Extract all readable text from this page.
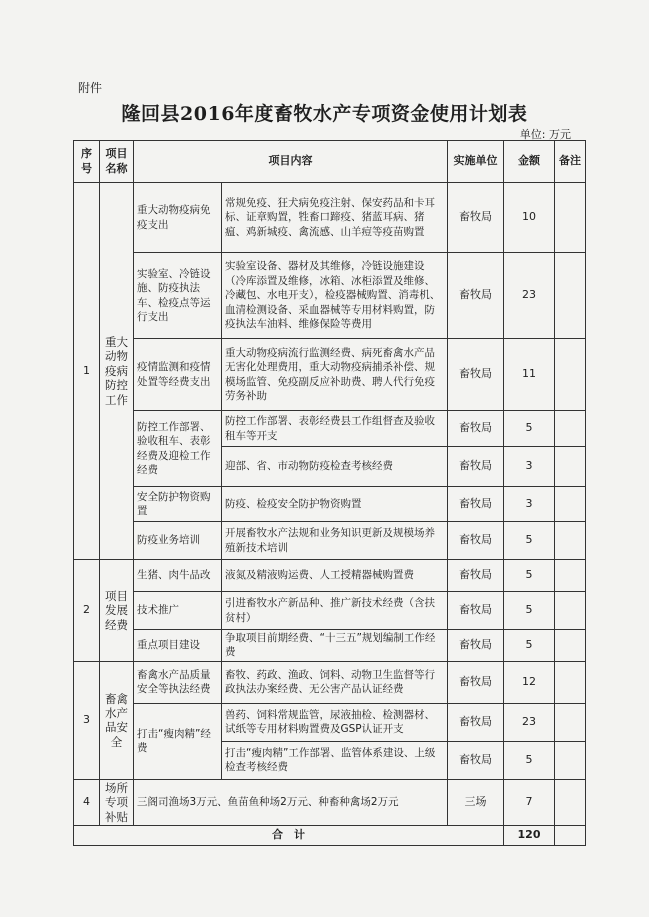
附件
隆回县2016年度畜牧水产专项资金使用计划表
单位: 万元
序号	项目名称	项目内容		实施单位	金额	备注
1	重大动物疫病防控工作	重大动物疫病免疫支出	常规免疫、狂犬病免疫注射、保安药品和卡耳标、证章购置，牲畜口蹄疫、猪蓝耳病、猪瘟、鸡新城疫、禽流感、山羊痘等疫苗购置	畜牧局	10	
		实验室、冷链设施、防疫执法车、检疫点等运行支出	实验室设备、器材及其维修，冷链设施建设（冷库添置及维修，冰箱、冰柜添置及维修、冷藏包、水电开支），检疫器械购置、消毒机、血清检测设备、采血器械等专用材料购置，防疫执法车油料、维修保险等费用	畜牧局	23	
		疫情监测和疫情处置等经费支出	重大动物疫病流行监测经费、病死畜禽水产品无害化处理费用，重大动物疫病捕杀补偿、规模场监管、免疫副反应补助费、聘人代行免疫劳务补助	畜牧局	11	
		防控工作部署、验收租车、表彰经费及迎检工作经费	防控工作部署、表彰经费县工作组督查及验收租车等开支	畜牧局	5	
			迎部、省、市动物防疫检查考核经费	畜牧局	3	
		安全防护物资购置	防疫、检疫安全防护物资购置	畜牧局	3	
		防疫业务培训	开展畜牧水产法规和业务知识更新及规模场养殖新技术培训	畜牧局	5	
2	项目发展经费	生猪、肉牛品改	液氮及精液购运费、人工授精器械购置费	畜牧局	5	
		技术推广	引进畜牧水产新品种、推广新技术经费（含扶贫村）	畜牧局	5	
		重点项目建设	争取项目前期经费、“十三五”规划编制工作经费	畜牧局	5	
3	畜禽水产品安全	畜禽水产品质量安全等执法经费	畜牧、药政、渔政、饲料、动物卫生监督等行政执法办案经费、无公害产品认证经费	畜牧局	12	
		打击“瘦肉精”经费	兽药、饲料常规监管，尿液抽检、检测器材、试纸等专用材料购置费及GSP认证开支	畜牧局	23	
			打击“瘦肉精”工作部署、监管体系建设、上级检查考核经费	畜牧局	5	
4	场所专项补贴	三阁司渔场3万元、鱼苗鱼种场2万元、种畜种禽场2万元		三场	7	
合　计					120	
